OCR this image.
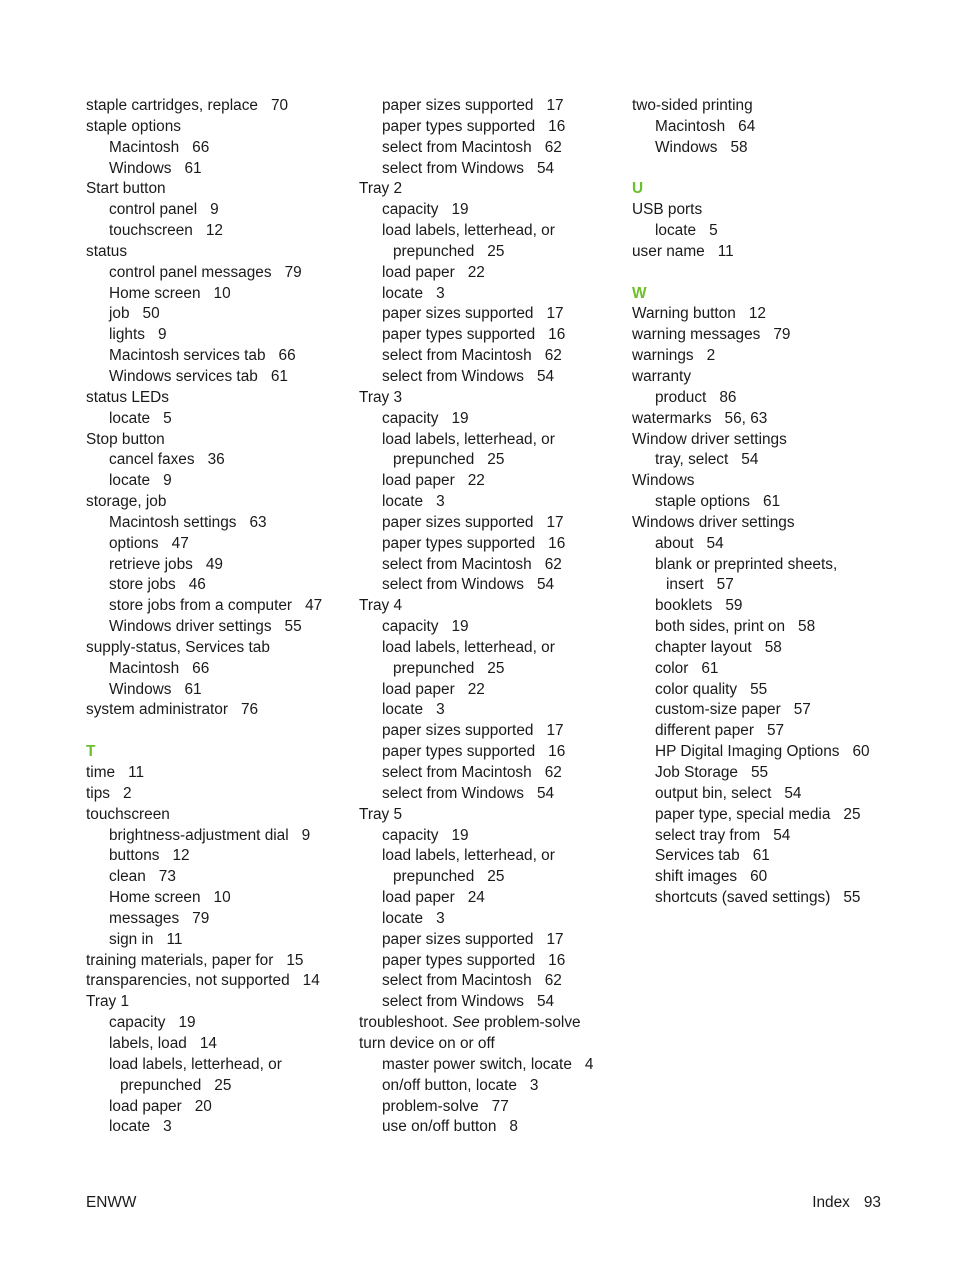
staple cartridges, replace 70
staple options
Macintosh 66
Windows 61
Start button
control panel 9
touchscreen 12
status
control panel messages 79
Home screen 10
job 50
lights 9
Macintosh services tab 66
Windows services tab 61
status LEDs
locate 5
Stop button
cancel faxes 36
locate 9
storage, job
Macintosh settings 63
options 47
retrieve jobs 49
store jobs 46
store jobs from a computer 47
Windows driver settings 55
supply-status, Services tab
Macintosh 66
Windows 61
system administrator 76
T
time 11
tips 2
touchscreen
brightness-adjustment dial 9
buttons 12
clean 73
Home screen 10
messages 79
sign in 11
training materials, paper for 15
transparencies, not supported 14
Tray 1
capacity 19
labels, load 14
load labels, letterhead, or
prepunched 25
load paper 20
locate 3
paper sizes supported 17
paper types supported 16
select from Macintosh 62
select from Windows 54
Tray 2
capacity 19
load labels, letterhead, or
prepunched 25
load paper 22
locate 3
paper sizes supported 17
paper types supported 16
select from Macintosh 62
select from Windows 54
Tray 3
capacity 19
load labels, letterhead, or
prepunched 25
load paper 22
locate 3
paper sizes supported 17
paper types supported 16
select from Macintosh 62
select from Windows 54
Tray 4
capacity 19
load labels, letterhead, or
prepunched 25
load paper 22
locate 3
paper sizes supported 17
paper types supported 16
select from Macintosh 62
select from Windows 54
Tray 5
capacity 19
load labels, letterhead, or
prepunched 25
load paper 24
locate 3
paper sizes supported 17
paper types supported 16
select from Macintosh 62
select from Windows 54
troubleshoot. See problem-solve
turn device on or off
master power switch, locate 4
on/off button, locate 3
problem-solve 77
use on/off button 8
two-sided printing
Macintosh 64
Windows 58
U
USB ports
locate 5
user name 11
W
Warning button 12
warning messages 79
warnings 2
warranty
product 86
watermarks 56, 63
Window driver settings
tray, select 54
Windows
staple options 61
Windows driver settings
about 54
blank or preprinted sheets,
insert 57
booklets 59
both sides, print on 58
chapter layout 58
color 61
color quality 55
custom-size paper 57
different paper 57
HP Digital Imaging Options 60
Job Storage 55
output bin, select 54
paper type, special media 25
select tray from 54
Services tab 61
shift images 60
shortcuts (saved settings) 55
ENWW	Index 93
